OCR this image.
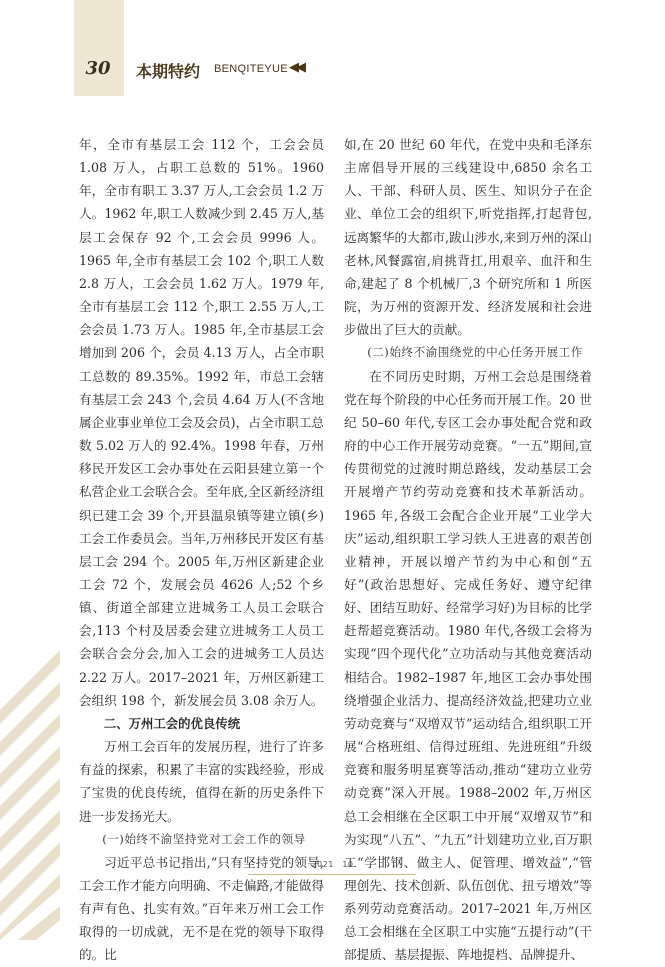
30	本期特约 BENQITEYUE ◀◀

年，全市有基层工会 112 个，工会会员 1.08 万人，占职工总数的 51%。1960 年，全市有职工 3.37 万人,工会会员 1.2 万人。1962 年,职工人数减少到 2.45 万人,基层工会保存 92 个,工会会员 9996 人。1965 年,全市有基层工会 102 个,职工人数 2.8 万人，工会会员 1.62 万人。1979 年,全市有基层工会 112 个,职工 2.55 万人,工会会员 1.73 万人。1985 年,全市基层工会增加到 206 个，会员 4.13 万人，占全市职工总数的 89.35%。1992 年，市总工会辖有基层工会 243 个,会员 4.64 万人(不含地属企业事业单位工会及会员)，占全市职工总数 5.02 万人的 92.4%。1998 年春，万州移民开发区工会办事处在云阳县建立第一个私营企业工会联合会。至年底,全区新经济组织已建工会 39 个,开县温泉镇等建立镇(乡)工会工作委员会。当年,万州移民开发区有基层工会 294 个。2005 年,万州区新建企业工会 72 个，发展会员 4626 人;52 个乡镇、街道全部建立进城务工人员工会联合会,113 个村及居委会建立进城务工人员工会联合会分会,加入工会的进城务工人员达 2.22 万人。2017–2021 年，万州区新建工会组织 198 个，新发展会员 3.08 余万人。

二、万州工会的优良传统

万州工会百年的发展历程，进行了许多有益的探索，积累了丰富的实践经验，形成了宝贵的优良传统，值得在新的历史条件下进一步发扬光大。

(一)始终不渝坚持党对工会工作的领导

习近平总书记指出,“只有坚持党的领导,工会工作才能方向明确、不走偏路,才能做得有声有色、扎实有效。”百年来万州工会工作取得的一切成就，无不是在党的领导下取得的。比

如,在 20 世纪 60 年代，在党中央和毛泽东主席倡导开展的三线建设中,6850 余名工人、干部、科研人员、医生、知识分子在企业、单位工会的组织下,听党指挥,打起背包,远离繁华的大都市,跋山涉水,来到万州的深山老林,风餐露宿,肩挑背扛,用艰辛、血汗和生命,建起了 8 个机械厂,3 个研究所和 1 所医院，为万州的资源开发、经济发展和社会进步做出了巨大的贡献。

(二)始终不渝围绕党的中心任务开展工作

在不同历史时期，万州工会总是围绕着党在每个阶段的中心任务而开展工作。20 世纪 50–60 年代,专区工会办事处配合党和政府的中心工作开展劳动竞赛。“一五”期间,宣传贯彻党的过渡时期总路线，发动基层工会开展增产节约劳动竞赛和技术革新活动。1965 年,各级工会配合企业开展“工业学大庆”运动,组织职工学习铁人王进喜的艰苦创业精神，开展以增产节约为中心和创“五好”(政治思想好、完成任务好、遵守纪律好、团结互助好、经常学习好)为目标的比学赶帮超竞赛活动。1980 年代,各级工会将为实现“四个现代化”立功活动与其他竞赛活动相结合。1982–1987 年,地区工会办事处围绕增强企业活力、提高经济效益,把建功立业劳动竞赛与“双增双节”运动结合,组织职工开展“合格班组、信得过班组、先进班组”升级竞赛和服务明星赛等活动,推动“建功立业劳动竞赛”深入开展。1988–2002 年,万州区总工会相继在全区职工中开展“双增双节”和为实现“八五”、“九五”计划建功立业,百万职工“学邯钢、做主人、促管理、增效益”,“管理创先、技术创新、队伍创优、扭亏增效”等系列劳动竞赛活动。2017–2021 年,万州区总工会相继在全区职工中实施“五提行动”(干部提质、基层提振、阵地提档、品牌提升、

2021　10
